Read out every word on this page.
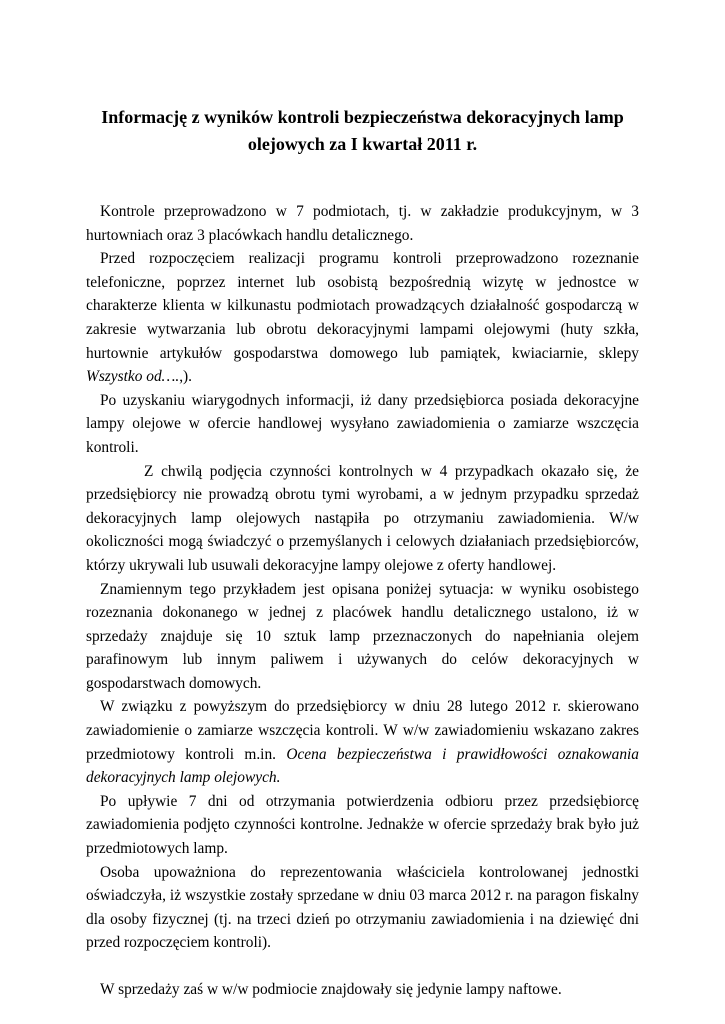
Informację z wyników kontroli bezpieczeństwa dekoracyjnych lamp
olejowych za I kwartał 2011 r.

Kontrole przeprowadzono w 7 podmiotach, tj. w zakładzie produkcyjnym, w 3 hurtowniach oraz 3 placówkach handlu detalicznego.

Przed rozpoczęciem realizacji programu kontroli przeprowadzono rozeznanie telefoniczne, poprzez internet lub osobistą bezpośrednią wizytę w jednostce w charakterze klienta w kilkunastu podmiotach prowadzących działalność gospodarczą w zakresie wytwarzania lub obrotu dekoracyjnymi lampami olejowymi (huty szkła, hurtownie artykułów gospodarstwa domowego lub pamiątek, kwiaciarnie, sklepy Wszystko od….,).

Po uzyskaniu wiarygodnych informacji, iż dany przedsiębiorca posiada dekoracyjne lampy olejowe w ofercie handlowej wysyłano zawiadomienia o zamiarze wszczęcia kontroli.

Z chwilą podjęcia czynności kontrolnych w 4 przypadkach okazało się, że przedsiębiorcy nie prowadzą obrotu tymi wyrobami, a w jednym przypadku sprzedaż dekoracyjnych lamp olejowych nastąpiła po otrzymaniu zawiadomienia. W/w okoliczności mogą świadczyć o przemyślanych i celowych działaniach przedsiębiorców, którzy ukrywali lub usuwali dekoracyjne lampy olejowe z oferty handlowej.

Znamiennym tego przykładem jest opisana poniżej sytuacja: w wyniku osobistego rozeznania dokonanego w jednej z placówek handlu detalicznego ustalono, iż w sprzedaży znajduje się 10 sztuk lamp przeznaczonych do napełniania olejem parafinowym lub innym paliwem i używanych do celów dekoracyjnych w gospodarstwach domowych.

W związku z powyższym do przedsiębiorcy w dniu 28 lutego 2012 r. skierowano zawiadomienie o zamiarze wszczęcia kontroli. W w/w zawiadomieniu wskazano zakres przedmiotowy kontroli m.in. Ocena bezpieczeństwa i prawidłowości oznakowania dekoracyjnych lamp olejowych.

Po upływie 7 dni od otrzymania potwierdzenia odbioru przez przedsiębiorcę zawiadomienia podjęto czynności kontrolne. Jednakże w ofercie sprzedaży brak było już przedmiotowych lamp.

Osoba upoważniona do reprezentowania właściciela kontrolowanej jednostki oświadczyła, iż wszystkie zostały sprzedane w dniu 03 marca 2012 r. na paragon fiskalny dla osoby fizycznej (tj. na trzeci dzień po otrzymaniu zawiadomienia i na dziewięć dni przed rozpoczęciem kontroli).

W sprzedaży zaś w w/w podmiocie znajdowały się jedynie lampy naftowe.
